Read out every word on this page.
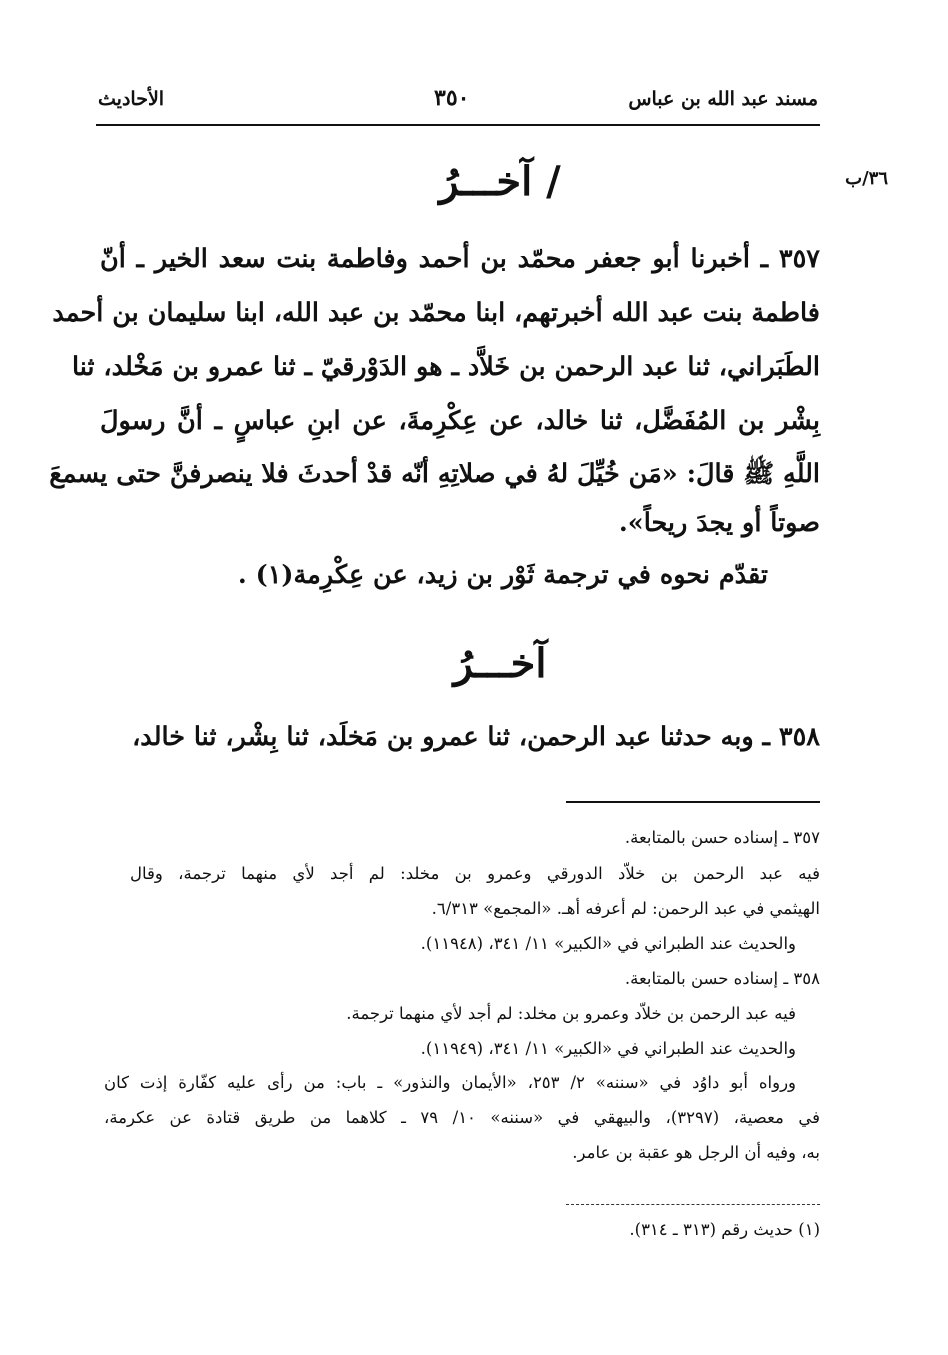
مسند عبد الله بن عباس
٣٥٠
الأحاديث
٣٦/ب
/ آخـــرُ
٣٥٧ ـ أخبرنا أبو جعفر محمّد بن أحمد وفاطمة بنت سعد الخير ـ أنّ
فاطمة بنت عبد الله أخبرتهم، ابنا محمّد بن عبد الله، ابنا سليمان بن أحمد
الطَبَراني، ثنا عبد الرحمن بن خَلاَّد ـ هو الدَوْرقيّ ـ ثنا عمرو بن مَخْلد، ثنا
بِشْر بن المُفَضَّل، ثنا خالد، عن عِكْرِمةَ، عن ابنِ عباسٍ ـ أنَّ رسولَ
اللَّهِ ﷺ قالَ: «مَن خُيِّلَ لهُ في صلاتِهِ أنّه قدْ أحدثَ فلا ينصرفنَّ حتى يسمعَ
صوتاً أو يجدَ ريحاً».
تقدّم نحوه في ترجمة ثَوْر بن زيد، عن عِكْرِمة(١) .
آخـــرُ
٣٥٨ ـ وبه حدثنا عبد الرحمن، ثنا عمرو بن مَخلَد، ثنا بِشْر، ثنا خالد،
٣٥٧ ـ إسناده حسن بالمتابعة.
فيه عبد الرحمن بن خلاّد الدورقي وعمرو بن مخلد: لم أجد لأي منهما ترجمة، وقال
الهيثمي في عبد الرحمن: لم أعرفه أهـ. «المجمع» ٦/٣١٣.
والحديث عند الطبراني في «الكبير» ١١/ ٣٤١، (١١٩٤٨).
٣٥٨ ـ إسناده حسن بالمتابعة.
فيه عبد الرحمن بن خلاّد وعمرو بن مخلد: لم أجد لأي منهما ترجمة.
والحديث عند الطبراني في «الكبير» ١١/ ٣٤١، (١١٩٤٩).
ورواه أبو داوُد في «سننه» ٢/ ٢٥٣، «الأيمان والنذور» ـ باب: من رأى عليه كفّارة إذت كان
في معصية، (٣٢٩٧)، والبيهقي في «سننه» ١٠/ ٧٩ ـ كلاهما من طريق قتادة عن عكرمة،
به، وفيه أن الرجل هو عقبة بن عامر.
(١) حديث رقم (٣١٣ ـ ٣١٤).
